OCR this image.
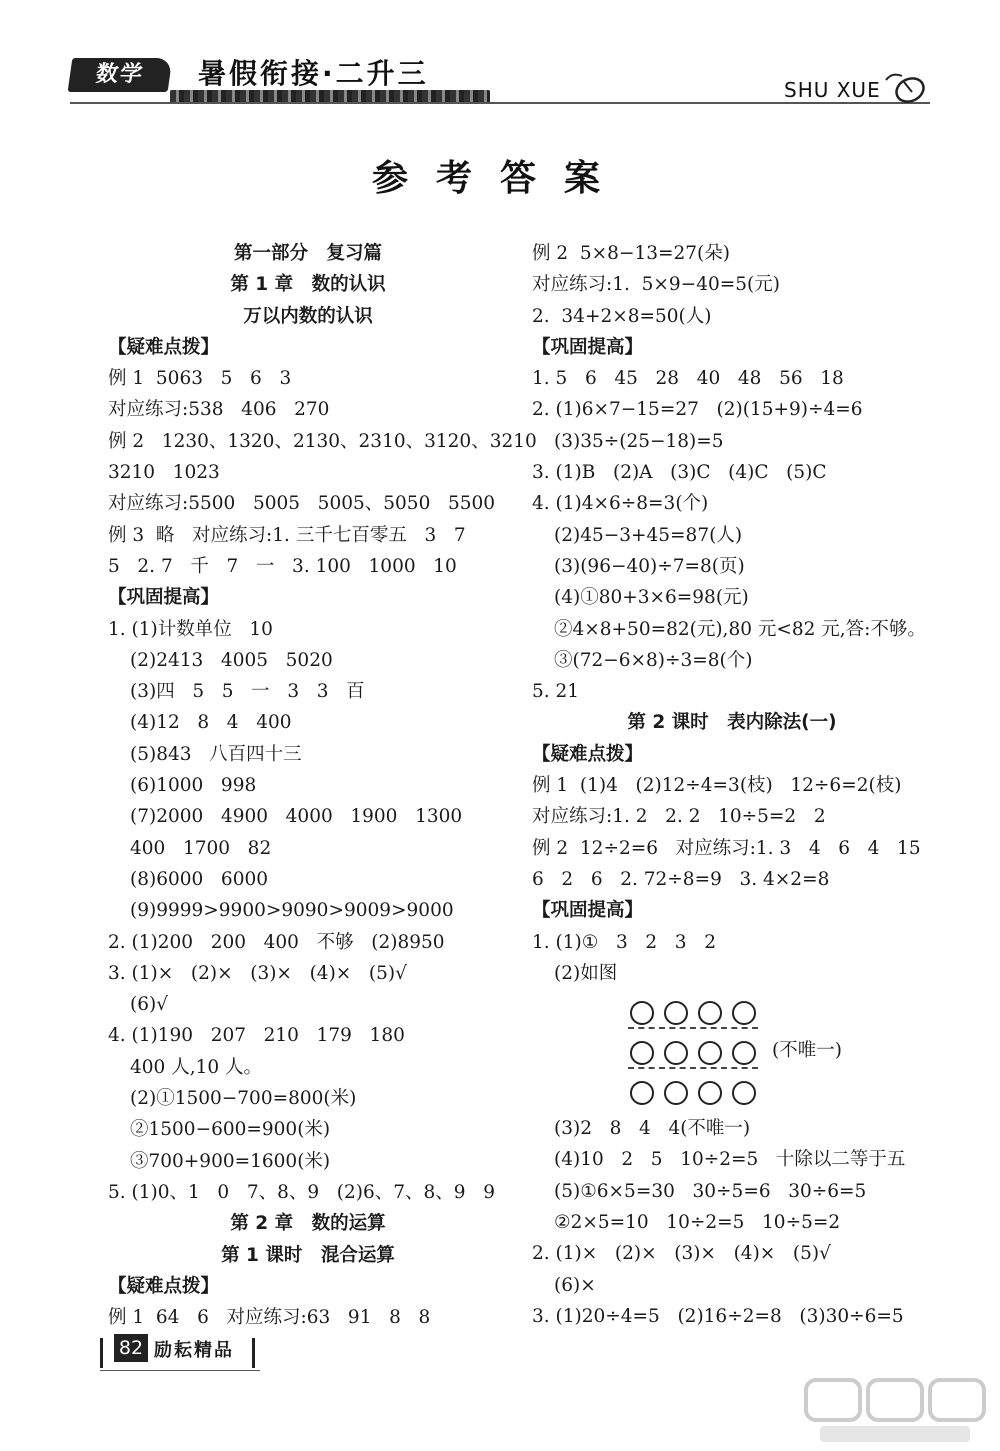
数学	暑假衔接·二升三	SHU XUE
参考答案
第一部分　复习篇
第 1 章　数的认识
万以内数的认识
【疑难点拨】
例 1  5063   5   6   3
对应练习:538   406   270
例 2   1230、1320、2130、2310、3120、3210
3210   1023
对应练习:5500   5005   5005、5050   5500
例 3  略   对应练习:1. 三千七百零五   3   7
5   2. 7   千   7   一   3. 100   1000   10
【巩固提高】
1. (1)计数单位   10
(2)2413   4005   5020
(3)四   5   5   一   3   3   百
(4)12   8   4   400
(5)843   八百四十三
(6)1000   998
(7)2000   4900   4000   1900   1300
400   1700   82
(8)6000   6000
(9)9999>9900>9090>9009>9000
2. (1)200   200   400   不够   (2)8950
3. (1)×   (2)×   (3)×   (4)×   (5)√
(6)√
4. (1)190   207   210   179   180
400 人,10 人。
(2)①1500−700=800(米)
②1500−600=900(米)
③700+900=1600(米)
5. (1)0、1   0   7、8、9   (2)6、7、8、9   9
第 2 章　数的运算
第 1 课时　混合运算
【疑难点拨】
例 1  64   6   对应练习:63   91   8   8
例 2  5×8−13=27(朵)
对应练习:1.  5×9−40=5(元)
2.  34+2×8=50(人)
【巩固提高】
1. 5   6   45   28   40   48   56   18
2. (1)6×7−15=27   (2)(15+9)÷4=6
(3)35÷(25−18)=5
3. (1)B   (2)A   (3)C   (4)C   (5)C
4. (1)4×6÷8=3(个)
(2)45−3+45=87(人)
(3)(96−40)÷7=8(页)
(4)①80+3×6=98(元)
②4×8+50=82(元),80 元<82 元,答:不够。
③(72−6×8)÷3=8(个)
5. 21
第 2 课时　表内除法(一)
【疑难点拨】
例 1  (1)4   (2)12÷4=3(枝)   12÷6=2(枝)
对应练习:1. 2   2. 2   10÷5=2   2
例 2  12÷2=6   对应练习:1. 3   4   6   4   15
6   2   6   2. 72÷8=9   3. 4×2=8
【巩固提高】
1. (1)①   3   2   3   2
(2)如图
(不唯一)
(3)2   8   4   4(不唯一)
(4)10   2   5   10÷2=5   十除以二等于五
(5)①6×5=30   30÷5=6   30÷6=5
②2×5=10   10÷2=5   10÷5=2
2. (1)×   (2)×   (3)×   (4)×   (5)√
(6)×
3. (1)20÷4=5   (2)16÷2=8   (3)30÷6=5
82 励耘精品
